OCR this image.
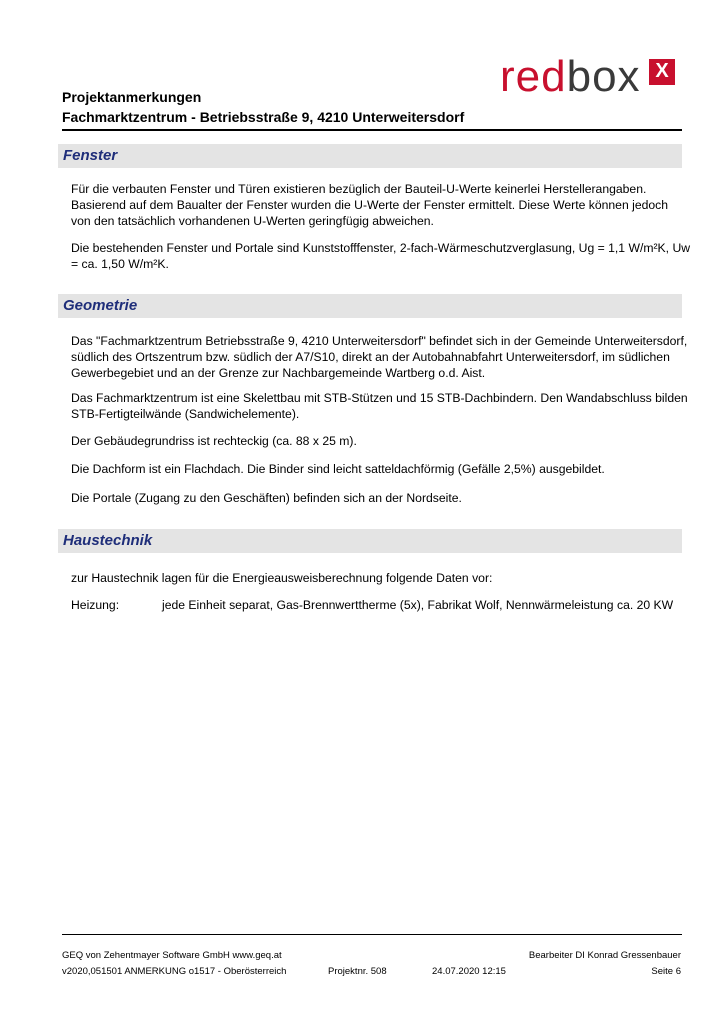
Projektanmerkungen
Fachmarktzentrum - Betriebsstraße 9, 4210 Unterweitersdorf
redbox X
Fenster
Für die verbauten Fenster und Türen existieren bezüglich der Bauteil-U-Werte keinerlei Herstellerangaben. Basierend auf dem Baualter der Fenster wurden die U-Werte der Fenster ermittelt. Diese Werte können jedoch von den tatsächlich vorhandenen U-Werten geringfügig abweichen.
Die bestehenden Fenster und Portale sind Kunststofffenster, 2-fach-Wärmeschutzverglasung, Ug = 1,1 W/m²K, Uw = ca. 1,50 W/m²K.
Geometrie
Das "Fachmarktzentrum Betriebsstraße 9, 4210 Unterweitersdorf" befindet sich in der Gemeinde Unterweitersdorf, südlich des Ortszentrum bzw. südlich der A7/S10, direkt an der Autobahnabfahrt Unterweitersdorf, im südlichen Gewerbegebiet und an der Grenze zur Nachbargemeinde Wartberg o.d. Aist.
Das Fachmarktzentrum ist eine Skelettbau mit STB-Stützen und 15 STB-Dachbindern. Den Wandabschluss bilden STB-Fertigteilwände (Sandwichelemente).
Der Gebäudegrundriss ist rechteckig (ca. 88 x 25 m).
Die Dachform ist ein Flachdach. Die Binder sind leicht satteldachförmig (Gefälle 2,5%) ausgebildet.
Die Portale (Zugang zu den Geschäften) befinden sich an der Nordseite.
Haustechnik
zur Haustechnik lagen für die Energieausweisberechnung folgende Daten vor:
Heizung:	jede Einheit separat, Gas-Brennwerttherme (5x), Fabrikat Wolf, Nennwärmeleistung ca. 20 KW
GEQ von Zehentmayer Software GmbH www.geq.at
v2020,051501 ANMERKUNG o1517 - Oberösterreich	Projektnr. 508	24.07.2020 12:15
Bearbeiter DI Konrad Gressenbauer
Seite 6
